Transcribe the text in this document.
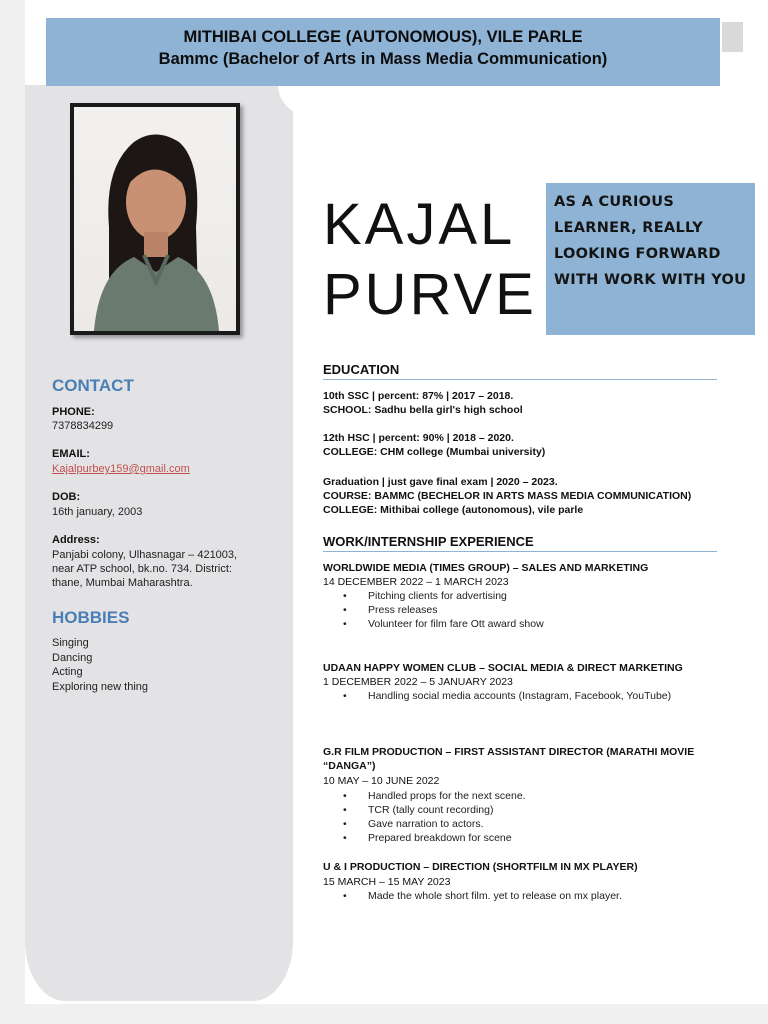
MITHIBAI COLLEGE (AUTONOMOUS), VILE PARLE
Bammc (Bachelor of Arts in Mass Media Communication)
KAJAL
PURVE
AS A CURIOUS LEARNER, REALLY LOOKING FORWARD WITH WORK WITH YOU
CONTACT
PHONE:
7378834299
EMAIL:
Kajalpurbey159@gmail.com
DOB:
16th january, 2003
Address:
Panjabi colony, Ulhasnagar – 421003,
near ATP school, bk.no. 734. District:
thane, Mumbai Maharashtra.
HOBBIES
Singing
Dancing
Acting
Exploring new thing
EDUCATION
10th SSC | percent: 87% | 2017 – 2018.
SCHOOL: Sadhu bella girl's high school
12th HSC | percent: 90% | 2018 – 2020.
COLLEGE: CHM college (Mumbai university)
Graduation | just gave final exam | 2020 – 2023.
COURSE: BAMMC (BECHELOR IN ARTS MASS MEDIA COMMUNICATION)
COLLEGE: Mithibai college (autonomous), vile parle
WORK/INTERNSHIP EXPERIENCE
WORLDWIDE MEDIA (TIMES GROUP) – SALES AND MARKETING
14 DECEMBER 2022 – 1 MARCH 2023
• Pitching clients for advertising
• Press releases
• Volunteer for film fare Ott award show
UDAAN HAPPY WOMEN CLUB – SOCIAL MEDIA & DIRECT MARKETING
1 DECEMBER 2022 – 5 JANUARY 2023
• Handling social media accounts (Instagram, Facebook, YouTube)
G.R FILM PRODUCTION – FIRST ASSISTANT DIRECTOR (MARATHI MOVIE
“DANGA”)
10 MAY – 10 JUNE 2022
• Handled props for the next scene.
• TCR (tally count recording)
• Gave narration to actors.
• Prepared breakdown for scene
U & I PRODUCTION – DIRECTION (SHORTFILM IN MX PLAYER)
15 MARCH – 15 MAY 2023
• Made the whole short film. yet to release on mx player.
